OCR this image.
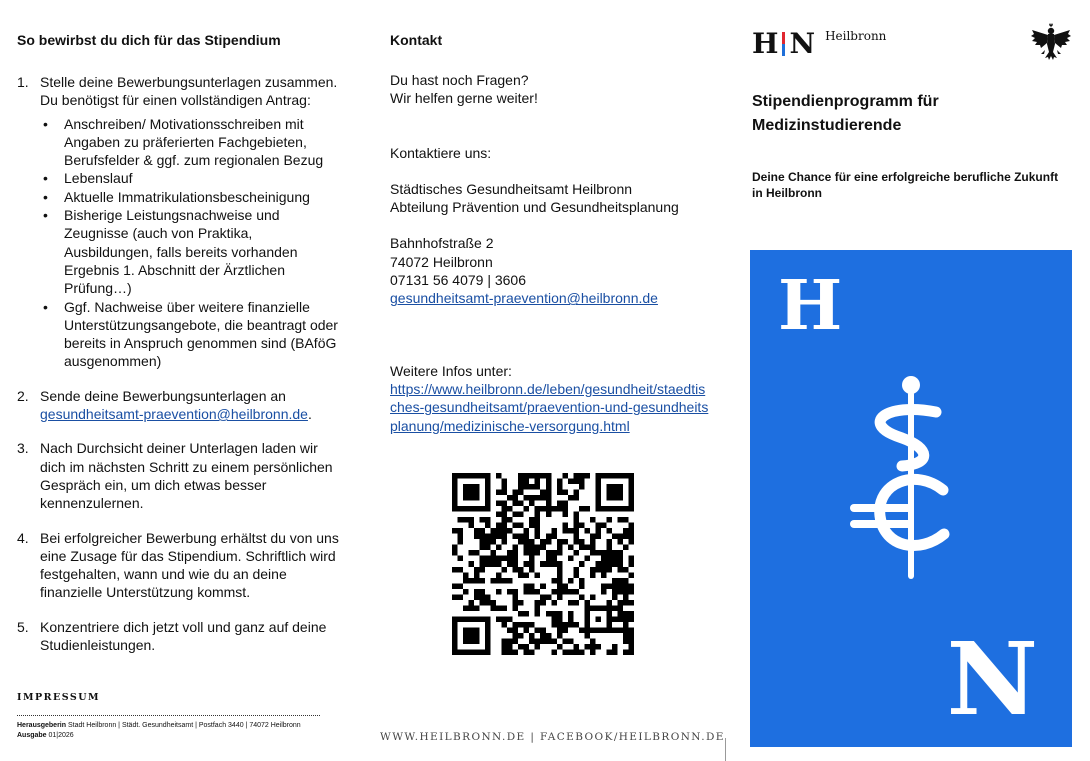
So bewirbst du dich für das Stipendium
1. Stelle deine Bewerbungsunterlagen zusammen. Du benötigst für einen vollständigen Antrag:
• Anschreiben/ Motivationsschreiben mit Angaben zu präferierten Fachgebieten, Berufsfelder & ggf. zum regionalen Bezug
• Lebenslauf
• Aktuelle Immatrikulationsbescheinigung
• Bisherige Leistungsnachweise und Zeugnisse (auch von Praktika, Ausbildungen, falls bereits vorhanden Ergebnis 1. Abschnitt der Ärztlichen Prüfung…)
• Ggf. Nachweise über weitere finanzielle Unterstützungsangebote, die beantragt oder bereits in Anspruch genommen sind (BAföG ausgenommen)
2. Sende deine Bewerbungsunterlagen an gesundheitsamt-praevention@heilbronn.de.
3. Nach Durchsicht deiner Unterlagen laden wir dich im nächsten Schritt zu einem persönlichen Gespräch ein, um dich etwas besser kennenzulernen.
4. Bei erfolgreicher Bewerbung erhältst du von uns eine Zusage für das Stipendium. Schriftlich wird festgehalten, wann und wie du an deine finanzielle Unterstützung kommst.
5. Konzentriere dich jetzt voll und ganz auf deine Studienleistungen.
IMPRESSUM
Herausgeberin Stadt Heilbronn | Städt. Gesundheitsamt | Postfach 3440 | 74072 Heilbronn
Ausgabe 01|2026
Kontakt

Du hast noch Fragen?

Wir helfen gerne weiter!

Kontaktiere uns:

Städtisches Gesundheitsamt Heilbronn

Abteilung Prävention und Gesundheitsplanung

Bahnhofstraße 2

74072 Heilbronn

07131 56 4079 | 3606

gesundheitsamt-praevention@heilbronn.de

Weitere Infos unter:

https://www.heilbronn.de/leben/gesundheit/staedtisches-gesundheitsamt/praevention-und-gesundheitsplanung/medizinische-versorgung.html

WWW.HEILBRONN.DE | FACEBOOK/HEILBRONN.DE
H N Heilbronn
Stipendienprogramm für Medizinstudierende
Deine Chance für eine erfolgreiche berufliche Zukunft in Heilbronn
H
N
